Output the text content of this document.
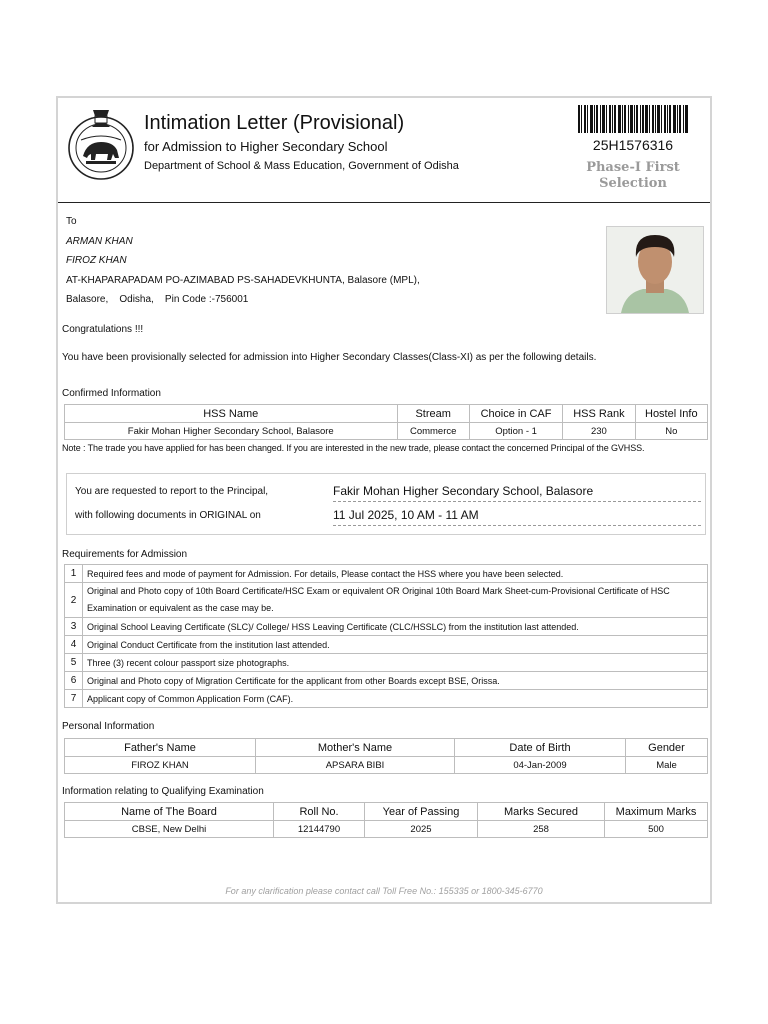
Intimation Letter (Provisional)
for Admission to Higher Secondary School
Department of School & Mass Education, Government of Odisha
25H1576316
Phase-I First
Selection
To
ARMAN KHAN
FIROZ KHAN
AT-KHAPARAPADAM PO-AZIMABAD PS-SAHADEVKHUNTA, Balasore (MPL),
Balasore,    Odisha,    Pin Code :-756001
Congratulations !!!
You have been provisionally selected for admission into Higher Secondary Classes(Class-XI) as per the following details.
Confirmed Information
HSS Name	Stream	Choice in CAF	HSS Rank	Hostel Info
Fakir Mohan Higher Secondary School, Balasore	Commerce	Option - 1	230	No
Note : The trade you have applied for has been changed. If you are interested in the new trade, please contact the concerned Principal of the GVHSS.
You are requested to report to the Principal,
with following documents in ORIGINAL on
Fakir Mohan Higher Secondary School, Balasore
11 Jul 2025, 10 AM - 11 AM
Requirements for Admission
1	Required fees and mode of payment for Admission. For details, Please contact the HSS where you have been selected.
2	Original and Photo copy of 10th Board Certificate/HSC Exam or equivalent OR Original 10th Board Mark Sheet-cum-Provisional Certificate of HSC
Examination or equivalent as the case may be.

3	Original School Leaving Certificate (SLC)/ College/ HSS Leaving Certificate (CLC/HSSLC) from the institution last attended.
4	Original Conduct Certificate from the institution last attended.
5	Three (3) recent colour passport size photographs.
6	Original and Photo copy of Migration Certificate for the applicant from other Boards except BSE, Orissa.
7	Applicant copy of Common Application Form (CAF).
Personal Information
Father's Name	Mother's Name	Date of Birth	Gender
FIROZ KHAN	APSARA BIBI	04-Jan-2009	Male
Information relating to Qualifying Examination
Name of The Board	Roll No.	Year of Passing	Marks Secured	Maximum Marks
CBSE, New Delhi	12144790	2025	258	500
For any clarification please contact call Toll Free No.: 155335 or 1800-345-6770
